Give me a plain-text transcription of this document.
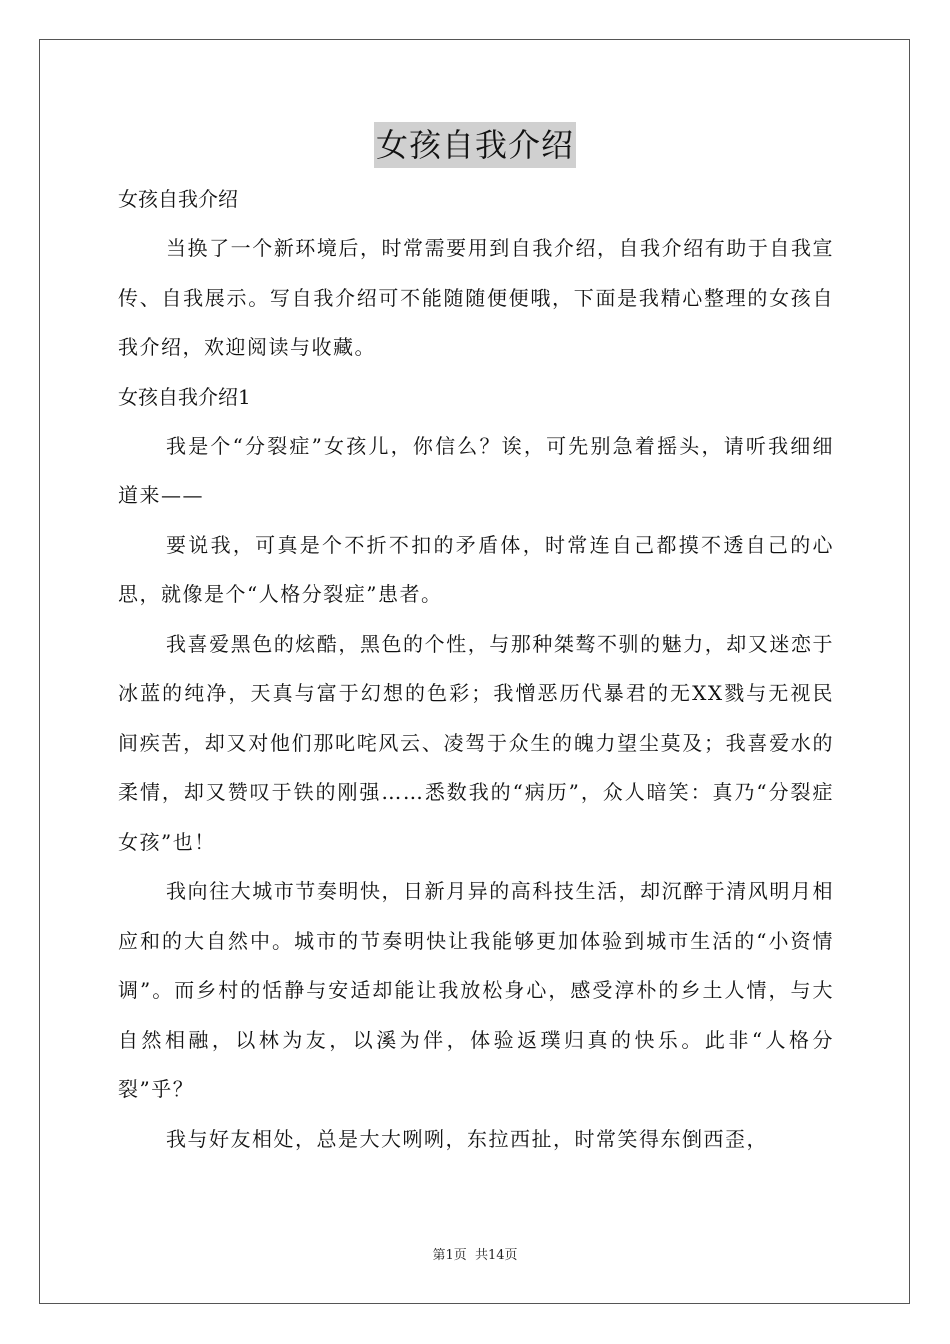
女孩自我介绍
女孩自我介绍
当换了一个新环境后，时常需要用到自我介绍，自我介绍有助于自我宣传、自我展示。写自我介绍可不能随随便便哦，下面是我精心整理的女孩自我介绍，欢迎阅读与收藏。
女孩自我介绍1
我是个“分裂症”女孩儿，你信么？诶，可先别急着摇头，请听我细细道来——
要说我，可真是个不折不扣的矛盾体，时常连自己都摸不透自己的心思，就像是个“人格分裂症”患者。
我喜爱黑色的炫酷，黑色的个性，与那种桀骜不驯的魅力，却又迷恋于冰蓝的纯净，天真与富于幻想的色彩；我憎恶历代暴君的无XX戮与无视民间疾苦，却又对他们那叱咤风云、凌驾于众生的魄力望尘莫及；我喜爱水的柔情，却又赞叹于铁的刚强……悉数我的“病历”，众人暗笑：真乃“分裂症女孩”也！
我向往大城市节奏明快，日新月异的高科技生活，却沉醉于清风明月相应和的大自然中。城市的节奏明快让我能够更加体验到城市生活的“小资情调”。而乡村的恬静与安适却能让我放松身心，感受淳朴的乡土人情，与大自然相融，以林为友，以溪为伴，体验返璞归真的快乐。此非“人格分裂”乎？
我与好友相处，总是大大咧咧，东拉西扯，时常笑得东倒西歪，
第1页 共14页
